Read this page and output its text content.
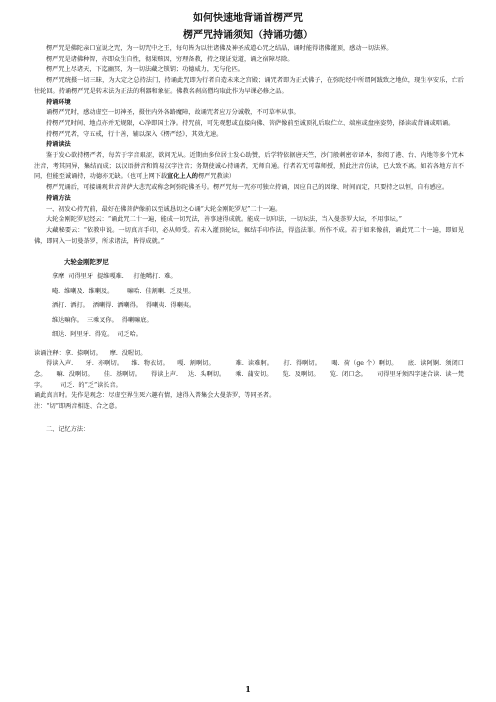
如何快速地背诵首楞严咒
楞严咒持诵须知（持诵功德）

楞严咒是佛陀亲口宣说之咒，为一切咒中之王，每句皆为以往诸佛及神圣成道心咒之结晶，诵时能得诸佛灌顶，感动一切法界。

楞严咒是诸佛种智，亦即众生自性，彻果赅因，穷理备教，持之现证觉道，诵之宿障尽除。

楞严咒上尽诸天，下迄幽冥，为一切法藏之锁钥；功德威力，无与伦匹。

楞严咒统摄一切三昧，为大定之总持法门，持诵此咒即为行者自造未来之宫殿；诵咒者即为正式佛子，在弥陀经中所谓阿跋致之地位，现生享安乐，亡后往轮回。持诵楞严咒是转末法为正法的利器和象征。佛教名刹高僧均取此作为早课必修之品。

持诵环境

诵楞严咒时，感动虚空一切神圣，摄住内外各路魔障，故诵咒者应万分诚敬，不可草率从事。

持楞严咒时间、地点亦并无规限，心净即国土净。持咒前，可先观想或直接向佛、菩萨像前至诚顶礼后取伫立、端座或盘座姿势，择读或背诵或唱诵。

持楞严咒者，守五戒，行十善，辅以深入《楞严经》，其效尤速。

持诵读法

鉴于发心欲持楞严者，每苦于字音艰涩，欲问无从。近期由多位居士发心助赞，后学特依据唐天竺，沙门般刺密帝译本，参阅了港、台、内地等多个咒本注音，考其同异，集结而成；以汉语拼音和简易汉字注音；务期使诚心持诵者，无师自通。行者若无可靠师授，照此注音仿读，已大致不离。如若各地方言不同，但能至诚诵持，功德亦无缺。（也可上网下载宣化上人的楞严咒教读）

楞严咒诵后，可接诵观世音菩萨大悲咒或称念阿弥陀佛圣号。楞严咒每一咒亦可独立持诵，因应自己的因缘、时间而定，只要持之以恒，自有感应。

持诵方法

一、初发心持咒前，最好在佛菩萨像前以至诚恳切之心诵“大轮金刚陀罗尼”二十一遍。

大轮金刚陀罗尼经云：“诵此咒二十一遍，能成一切咒法，善事速得成就。能成一切印法，一切坛法，当入曼荼罗大坛，不用事坛。”

大藏秘要云：“依教申说。一切真言手印，必从师受。若未入灌顶轮坛，辄结手印作法，得盗法罪。所作不成。若于如来像前，诵此咒二十一遍，即如见佛，即同入一切曼荼罗，所求诸法，皆得成就。”

大轮金刚陀罗尼

拿摩  司得里牙  提维嘎难.     打他噶打.  难。

唵.  维喇及.  维喇及。       嘛哈.  佳割喇.  乏及里。

洒打.  洒打。  洒喇得.  洒喇得。  得喇夷.  得喇夷。

维达嘛你。  三乘叉你。  得喇嘛底。

细达.  阿里牙.  得览。  司乏哈。

读诵注释：拿.  捺啊切。    摩.  没喔切。

得读入声.      牙.  亦啊切。    维.  物衣切。    嘎.  割啊切。          难.  读难舸。     打.  得啊切。     喝.  荷（ge 个）啊切。     底.  读阿婀.  须闭口念。     嘛.  没啊切。     佳.  基啊切。     得读上声.     达.  头啊切。     乘.  蒲安切。     览.  及啊切。     览.  闭口念。     司得里牙须四字速合读.  读一梵字。       司乏.  的“乏”读长音。

诵此真言时。先作是观念：尽虚空界生死六趣有情，速得入普集会大曼荼罗，等同圣者。

注：“切”即两音相连、合之意。

二、记忆方法：

1
